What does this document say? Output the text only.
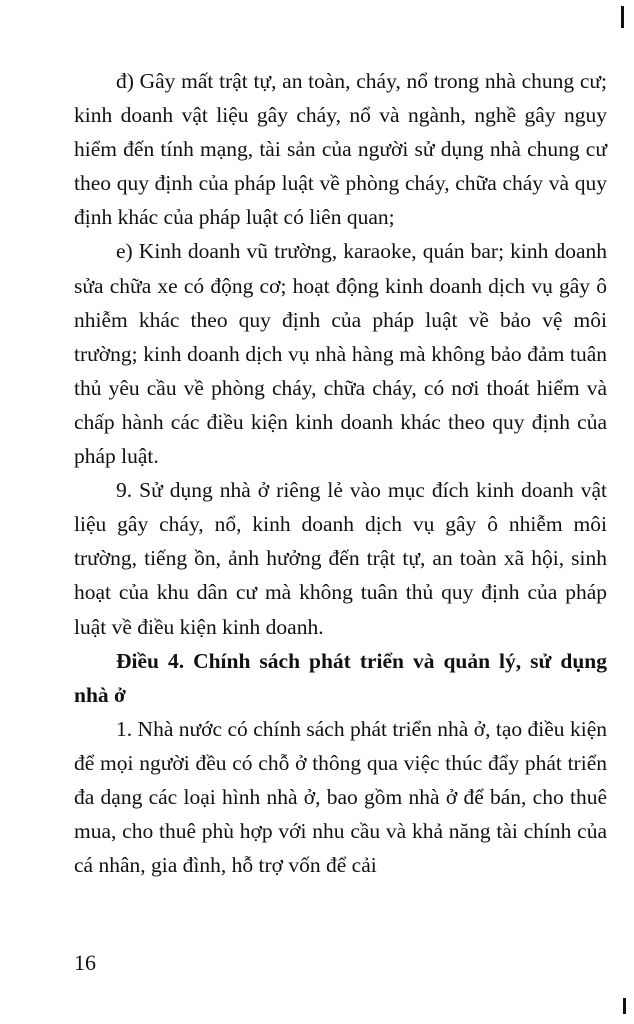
đ) Gây mất trật tự, an toàn, cháy, nổ trong nhà chung cư; kinh doanh vật liệu gây cháy, nổ và ngành, nghề gây nguy hiểm đến tính mạng, tài sản của người sử dụng nhà chung cư theo quy định của pháp luật về phòng cháy, chữa cháy và quy định khác của pháp luật có liên quan;

e) Kinh doanh vũ trường, karaoke, quán bar; kinh doanh sửa chữa xe có động cơ; hoạt động kinh doanh dịch vụ gây ô nhiễm khác theo quy định của pháp luật về bảo vệ môi trường; kinh doanh dịch vụ nhà hàng mà không bảo đảm tuân thủ yêu cầu về phòng cháy, chữa cháy, có nơi thoát hiểm và chấp hành các điều kiện kinh doanh khác theo quy định của pháp luật.

9. Sử dụng nhà ở riêng lẻ vào mục đích kinh doanh vật liệu gây cháy, nổ, kinh doanh dịch vụ gây ô nhiễm môi trường, tiếng ồn, ảnh hưởng đến trật tự, an toàn xã hội, sinh hoạt của khu dân cư mà không tuân thủ quy định của pháp luật về điều kiện kinh doanh.

Điều 4. Chính sách phát triển và quản lý, sử dụng nhà ở

1. Nhà nước có chính sách phát triển nhà ở, tạo điều kiện để mọi người đều có chỗ ở thông qua việc thúc đẩy phát triển đa dạng các loại hình nhà ở, bao gồm nhà ở để bán, cho thuê mua, cho thuê phù hợp với nhu cầu và khả năng tài chính của cá nhân, gia đình, hỗ trợ vốn để cải

16
